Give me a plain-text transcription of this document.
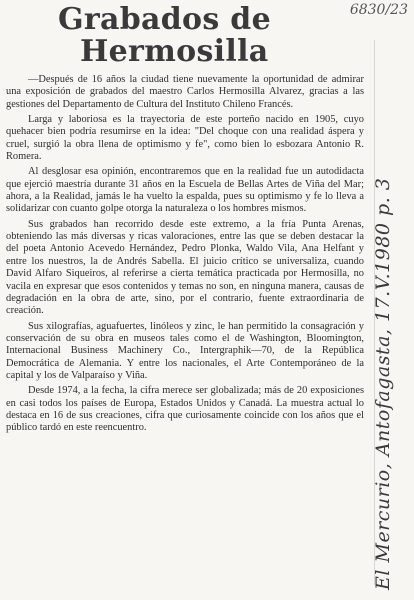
Grabados de
Hermosilla

—Después de 16 años la ciudad tiene nuevamente la oportunidad de admirar una exposición de grabados del maestro Carlos Hermosilla Alvarez, gracias a las gestiones del Departamento de Cultura del Instituto Chileno Francés.

Larga y laboriosa es la trayectoria de este porteño nacido en 1905, cuyo quehacer bien podría resumirse en la idea: "Del choque con una realidad áspera y cruel, surgió la obra llena de optimismo y fe", como bien lo esbozara Antonio R. Romera.

Al desglosar esa opinión, encontraremos que en la realidad fue un autodidacta que ejerció maestría durante 31 años en la Escuela de Bellas Artes de Viña del Mar; ahora, a la Realidad, jamás le ha vuelto la espalda, pues su optimismo y fe lo lleva a solidarizar con cuanto golpe otorga la naturaleza o los hombres mismos.

Sus grabados han recorrido desde este extremo, a la fría Punta Arenas, obteniendo las más diversas y ricas valoraciones, entre las que se deben destacar la del poeta Antonio Acevedo Hernández, Pedro Plonka, Waldo Vila, Ana Helfant y entre los nuestros, la de Andrés Sabella. El juicio crítico se universaliza, cuando David Alfaro Siqueiros, al referirse a cierta temática practicada por Hermosilla, no vacila en expresar que esos contenidos y temas no son, en ninguna manera, causas de degradación en la obra de arte, sino, por el contrario, fuente extraordinaria de creación.

Sus xilografías, aguafuertes, linóleos y zinc, le han permitido la consagración y conservación de su obra en museos tales como el de Washington, Bloomington, Internacional Business Machinery Co., Intergraphik—70, de la República Democrática de Alemania. Y entre los nacionales, el Arte Contemporáneo de la capital y los de Valparaíso y Viña.

Desde 1974, a la fecha, la cifra merece ser globalizada; más de 20 exposiciones en casi todos los países de Europa, Estados Unidos y Canadá. La muestra actual lo destaca en 16 de sus creaciones, cifra que curiosamente coincide con los años que el público tardó en este reencuentro.

6830/23
El Mercurio, Antofagasta, 17.V.1980 p. 3
